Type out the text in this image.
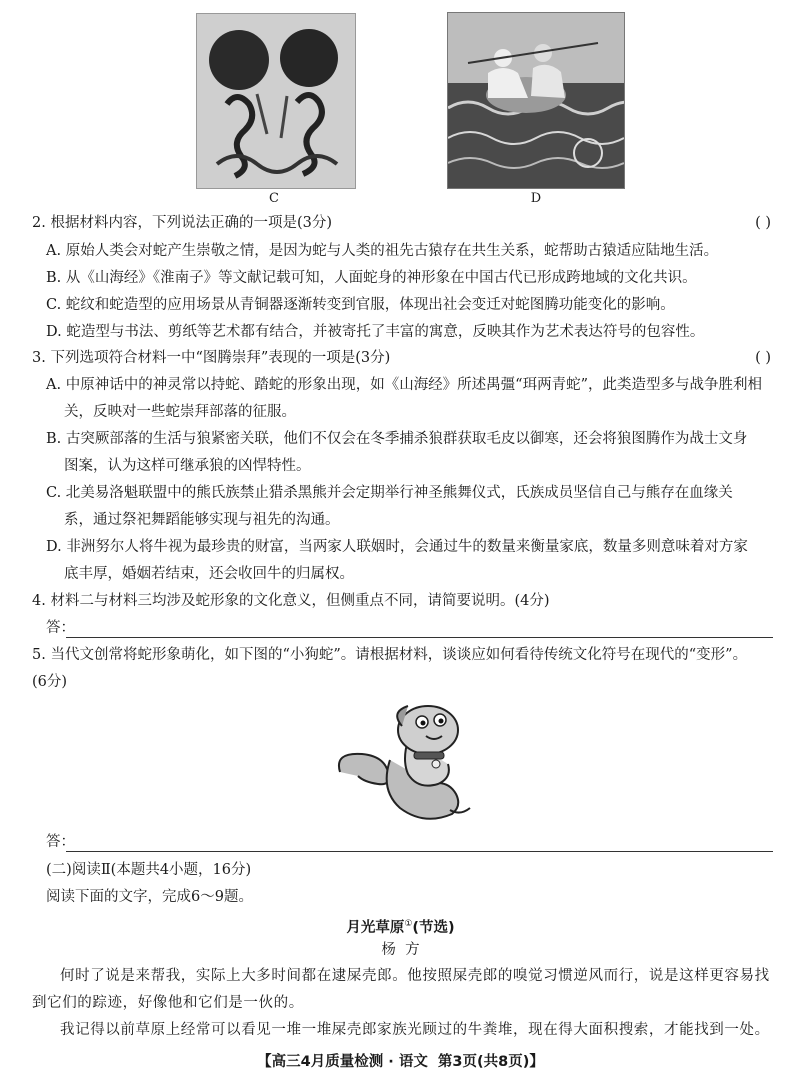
C	D
2. 根据材料内容，下列说法正确的一项是(3分)	( )
A. 原始人类会对蛇产生崇敬之情，是因为蛇与人类的祖先古猿存在共生关系，蛇帮助古猿适应陆地生活。
B. 从《山海经》《淮南子》等文献记载可知，人面蛇身的神形象在中国古代已形成跨地域的文化共识。
C. 蛇纹和蛇造型的应用场景从青铜器逐渐转变到官服，体现出社会变迁对蛇图腾功能变化的影响。
D. 蛇造型与书法、剪纸等艺术都有结合，并被寄托了丰富的寓意，反映其作为艺术表达符号的包容性。
3. 下列选项符合材料一中“图腾崇拜”表现的一项是(3分)	( )
A. 中原神话中的神灵常以持蛇、踏蛇的形象出现，如《山海经》所述禺彊“珥两青蛇”，此类造型多与战争胜利相
关，反映对一些蛇崇拜部落的征服。
B. 古突厥部落的生活与狼紧密关联，他们不仅会在冬季捕杀狼群获取毛皮以御寒，还会将狼图腾作为战士文身
图案，认为这样可继承狼的凶悍特性。
C. 北美易洛魁联盟中的熊氏族禁止猎杀黑熊并会定期举行神圣熊舞仪式，氏族成员坚信自己与熊存在血缘关
系，通过祭祀舞蹈能够实现与祖先的沟通。
D. 非洲努尔人将牛视为最珍贵的财富，当两家人联姻时，会通过牛的数量来衡量家底，数量多则意味着对方家
底丰厚，婚姻若结束，还会收回牛的归属权。
4. 材料二与材料三均涉及蛇形象的文化意义，但侧重点不同，请简要说明。(4分)
答：
5. 当代文创常将蛇形象萌化，如下图的“小狗蛇”。请根据材料，谈谈应如何看待传统文化符号在现代的“变形”。
(6分)
答：
(二)阅读Ⅱ(本题共4小题，16分)
阅读下面的文字，完成6～9题。
月光草原①(节选)
杨  方
何时了说是来帮我，实际上大多时间都在逮屎壳郎。他按照屎壳郎的嗅觉习惯逆风而行，说是这样更容易找
到它们的踪迹，好像他和它们是一伙的。
我记得以前草原上经常可以看见一堆一堆屎壳郎家族光顾过的牛粪堆，现在得大面积搜索，才能找到一处。
【高三4月质量检测 · 语文  第3页(共8页)】
